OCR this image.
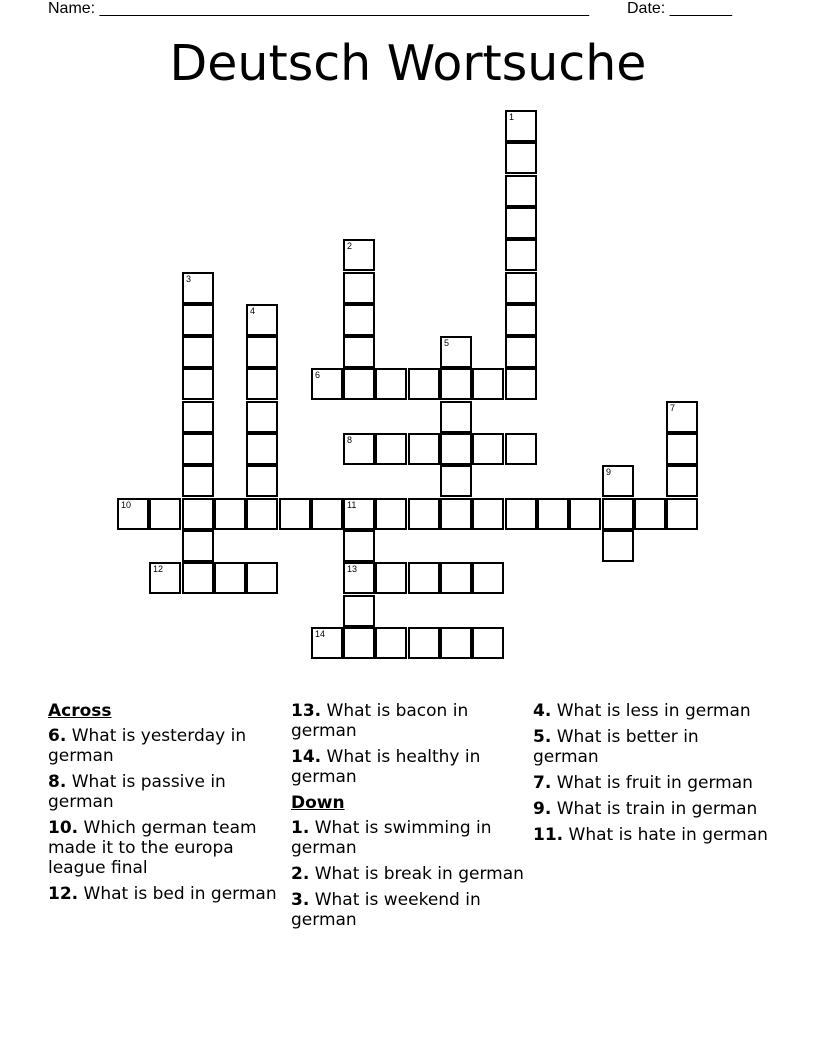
Name: _______________________________________________________ Date: _______
Deutsch Wortsuche
1
2
3
4
5
6
7
8
9
10	11
13
12
14
Across
6. What is yesterday in german
8. What is passive in german
10. Which german team made it to the europa league final
12. What is bed in german
13. What is bacon in german
14. What is healthy in german
Down
1. What is swimming in german
2. What is break in german
3. What is weekend in german
4. What is less in german
5. What is better in german
7. What is fruit in german
9. What is train in german
11. What is hate in german
